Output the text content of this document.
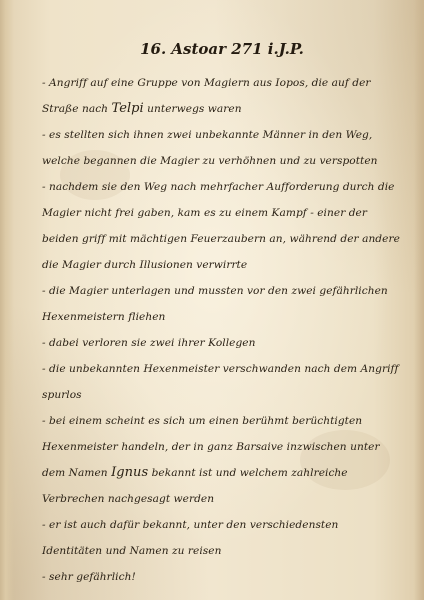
16. Astoar 271 i.J.P.
- Angriff auf eine Gruppe von Magiern aus Iopos, die auf der Straße nach Telpi unterwegs waren
- es stellten sich ihnen zwei unbekannte Männer in den Weg, welche begannen die Magier zu verhöhnen und zu verspotten
- nachdem sie den Weg nach mehrfacher Aufforderung durch die Magier nicht frei gaben, kam es zu einem Kampf - einer der beiden griff mit mächtigen Feuerzaubern an, während der andere die Magier durch Illusionen verwirrte
- die Magier unterlagen und mussten vor den zwei gefährlichen Hexenmeistern fliehen
- dabei verloren sie zwei ihrer Kollegen
- die unbekannten Hexenmeister verschwanden nach dem Angriff spurlos
- bei einem scheint es sich um einen berühmt berüchtigten Hexenmeister handeln, der in ganz Barsaive inzwischen unter dem Namen Ignus bekannt ist und welchem zahlreiche Verbrechen nachgesagt werden
- er ist auch dafür bekannt, unter den verschiedensten Identitäten und Namen zu reisen
- sehr gefährlich!
